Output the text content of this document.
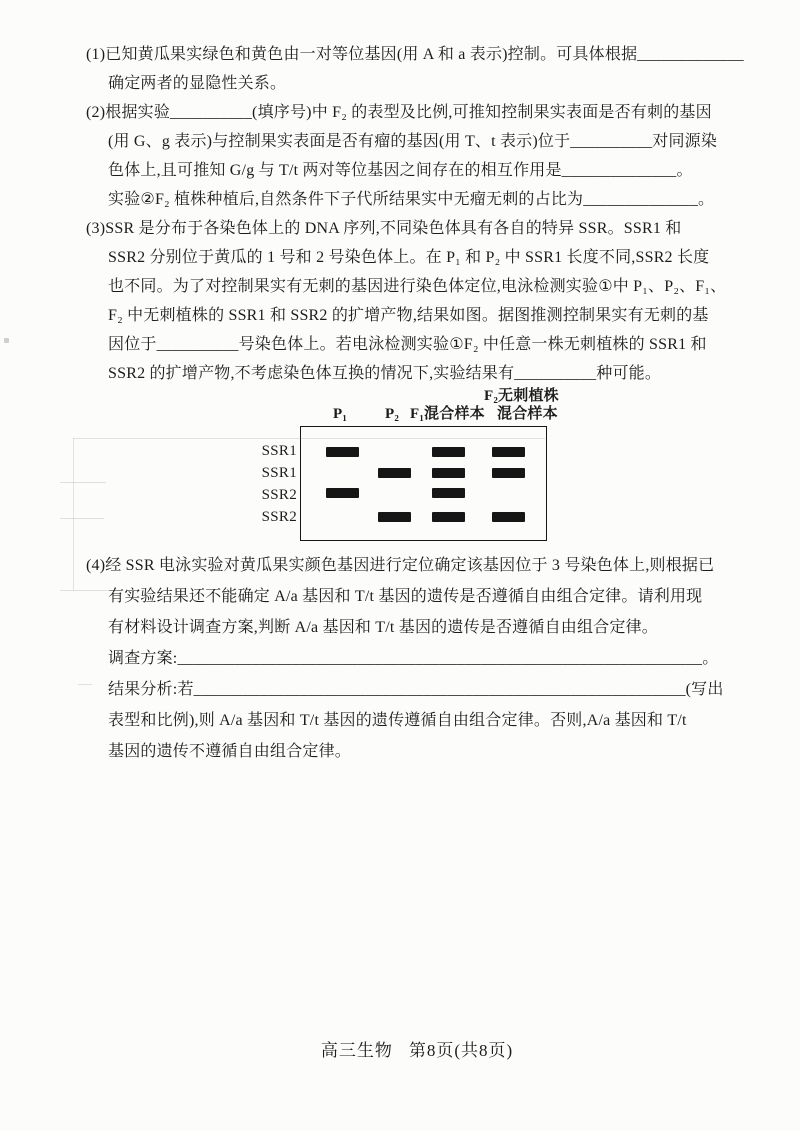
(1)已知黄瓜果实绿色和黄色由一对等位基因(用 A 和 a 表示)控制。可具体根据_____________
确定两者的显隐性关系。
(2)根据实验__________(填序号)中 F₂ 的表型及比例,可推知控制果实表面是否有刺的基因
(用 G、g 表示)与控制果实表面是否有瘤的基因(用 T、t 表示)位于__________对同源染
色体上,且可推知 G/g 与 T/t 两对等位基因之间存在的相互作用是______________。
实验②F₂ 植株种植后,自然条件下子代所结果实中无瘤无刺的占比为______________。
(3)SSR 是分布于各染色体上的 DNA 序列,不同染色体具有各自的特异 SSR。SSR1 和
SSR2 分别位于黄瓜的 1 号和 2 号染色体上。在 P₁ 和 P₂ 中 SSR1 长度不同,SSR2 长度
也不同。为了对控制果实有无刺的基因进行染色体定位,电泳检测实验①中 P₁、P₂、F₁、
F₂ 中无刺植株的 SSR1 和 SSR2 的扩增产物,结果如图。据图推测控制果实有无刺的基
因位于__________号染色体上。若电泳检测实验①F₂ 中任意一株无刺植株的 SSR1 和
SSR2 的扩增产物,不考虑染色体互换的情况下,实验结果有__________种可能。
P₁	P₂ F₁混合样本
F₂无刺植株
混合样本
SSR1
SSR1
SSR2
SSR2
(4)经 SSR 电泳实验对黄瓜果实颜色基因进行定位确定该基因位于 3 号染色体上,则根据已
有实验结果还不能确定 A/a 基因和 T/t 基因的遗传是否遵循自由组合定律。请利用现
有材料设计调查方案,判断 A/a 基因和 T/t 基因的遗传是否遵循自由组合定律。
调查方案:________________________________________________________________。
结果分析:若____________________________________________________________(写出
表型和比例),则 A/a 基因和 T/t 基因的遗传遵循自由组合定律。否则,A/a 基因和 T/t
基因的遗传不遵循自由组合定律。
高三生物 第8页(共8页)
